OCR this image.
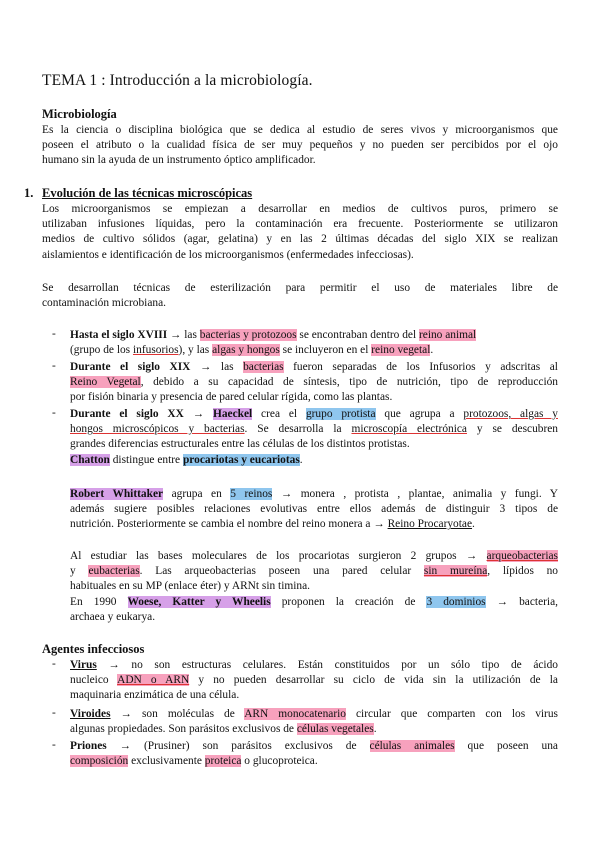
TEMA 1 : Introducción a la microbiología.
Microbiología
Es la ciencia o disciplina biológica que se dedica al estudio de seres vivos y microorganismos que
poseen el atributo o la cualidad física de ser muy pequeños y no pueden ser percibidos por el ojo
humano sin la ayuda de un instrumento óptico amplificador.
1. Evolución de las técnicas microscópicas
Los microorganismos se empiezan a desarrollar en medios de cultivos puros, primero se
utilizaban infusiones líquidas, pero la contaminación era frecuente. Posteriormente se utilizaron
medios de cultivo sólidos (agar, gelatina) y en las 2 últimas décadas del siglo XIX se realizan
aislamientos e identificación de los microorganismos (enfermedades infecciosas).
Se desarrollan técnicas de esterilización para permitir el uso de materiales libre de
contaminación microbiana.
- Hasta el siglo XVIII → las bacterias y protozoos se encontraban dentro del reino animal
(grupo de los infusorios), y las algas y hongos se incluyeron en el reino vegetal.
- Durante el siglo XIX → las bacterias fueron separadas de los Infusorios y adscritas al
Reino Vegetal, debido a su capacidad de síntesis, tipo de nutrición, tipo de reproducción
por fisión binaria y presencia de pared celular rígida, como las plantas.
- Durante el siglo XX → Haeckel crea el grupo protista que agrupa a protozoos, algas y
hongos microscópicos y bacterias. Se desarrolla la microscopía electrónica y se descubren
grandes diferencias estructurales entre las células de los distintos protistas.
Chatton distingue entre procariotas y eucariotas.
Robert Whittaker agrupa en 5 reinos → monera , protista , plantae, animalia y fungi. Y
además sugiere posibles relaciones evolutivas entre ellos además de distinguir 3 tipos de
nutrición. Posteriormente se cambia el nombre del reino monera a → Reino Procaryotae.
Al estudiar las bases moleculares de los procariotas surgieron 2 grupos → arqueobacterias
y eubacterias. Las arqueobacterias poseen una pared celular sin mureína, lípidos no
habituales en su MP (enlace éter) y ARNt sin timina.
En 1990 Woese, Katter y Wheelis proponen la creación de 3 dominios → bacteria,
archaea y eukarya.
Agentes infecciosos
- Virus → no son estructuras celulares. Están constituidos por un sólo tipo de ácido
nucleico ADN o ARN y no pueden desarrollar su ciclo de vida sin la utilización de la
maquinaria enzimática de una célula.
- Viroides → son moléculas de ARN monocatenario circular que comparten con los virus
algunas propiedades. Son parásitos exclusivos de células vegetales.
- Priones → (Prusiner) son parásitos exclusivos de células animales que poseen una
composición exclusivamente proteica o glucoproteica.
